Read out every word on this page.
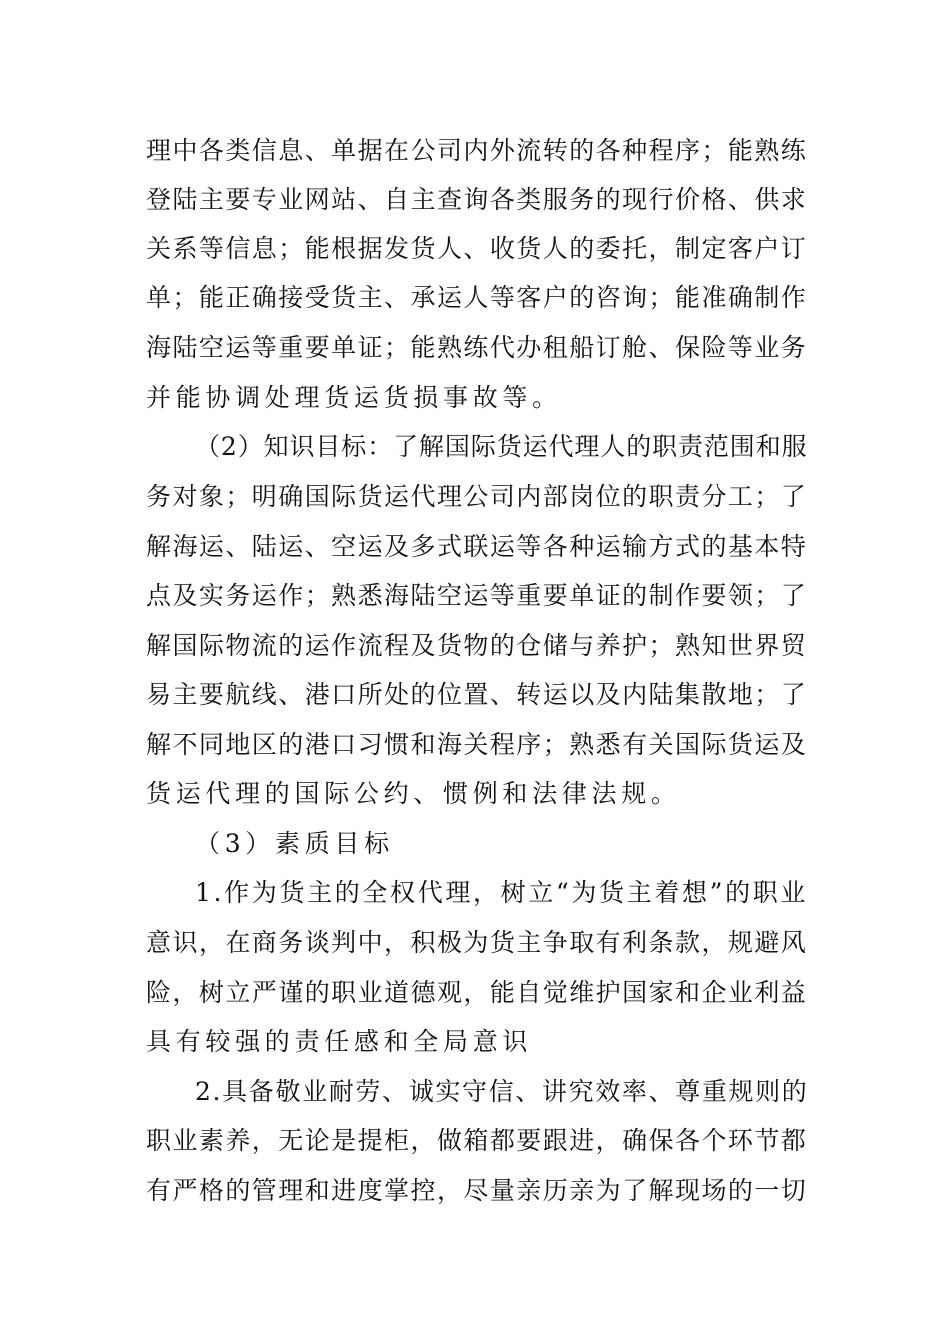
理中各类信息、单据在公司内外流转的各种程序；能熟练
登陆主要专业网站、自主查询各类服务的现行价格、供求
关系等信息；能根据发货人、收货人的委托，制定客户订
单；能正确接受货主、承运人等客户的咨询；能准确制作
海陆空运等重要单证；能熟练代办租船订舱、保险等业务
并能协调处理货运货损事故等。
（2）知识目标：了解国际货运代理人的职责范围和服
务对象；明确国际货运代理公司内部岗位的职责分工；了
解海运、陆运、空运及多式联运等各种运输方式的基本特
点及实务运作；熟悉海陆空运等重要单证的制作要领；了
解国际物流的运作流程及货物的仓储与养护；熟知世界贸
易主要航线、港口所处的位置、转运以及内陆集散地；了
解不同地区的港口习惯和海关程序；熟悉有关国际货运及
货运代理的国际公约、惯例和法律法规。
（3）素质目标
1.作为货主的全权代理，树立“为货主着想”的职业
意识，在商务谈判中，积极为货主争取有利条款，规避风
险，树立严谨的职业道德观，能自觉维护国家和企业利益
具有较强的责任感和全局意识
2.具备敬业耐劳、诚实守信、讲究效率、尊重规则的
职业素养，无论是提柜，做箱都要跟进，确保各个环节都
有严格的管理和进度掌控，尽量亲历亲为了解现场的一切
